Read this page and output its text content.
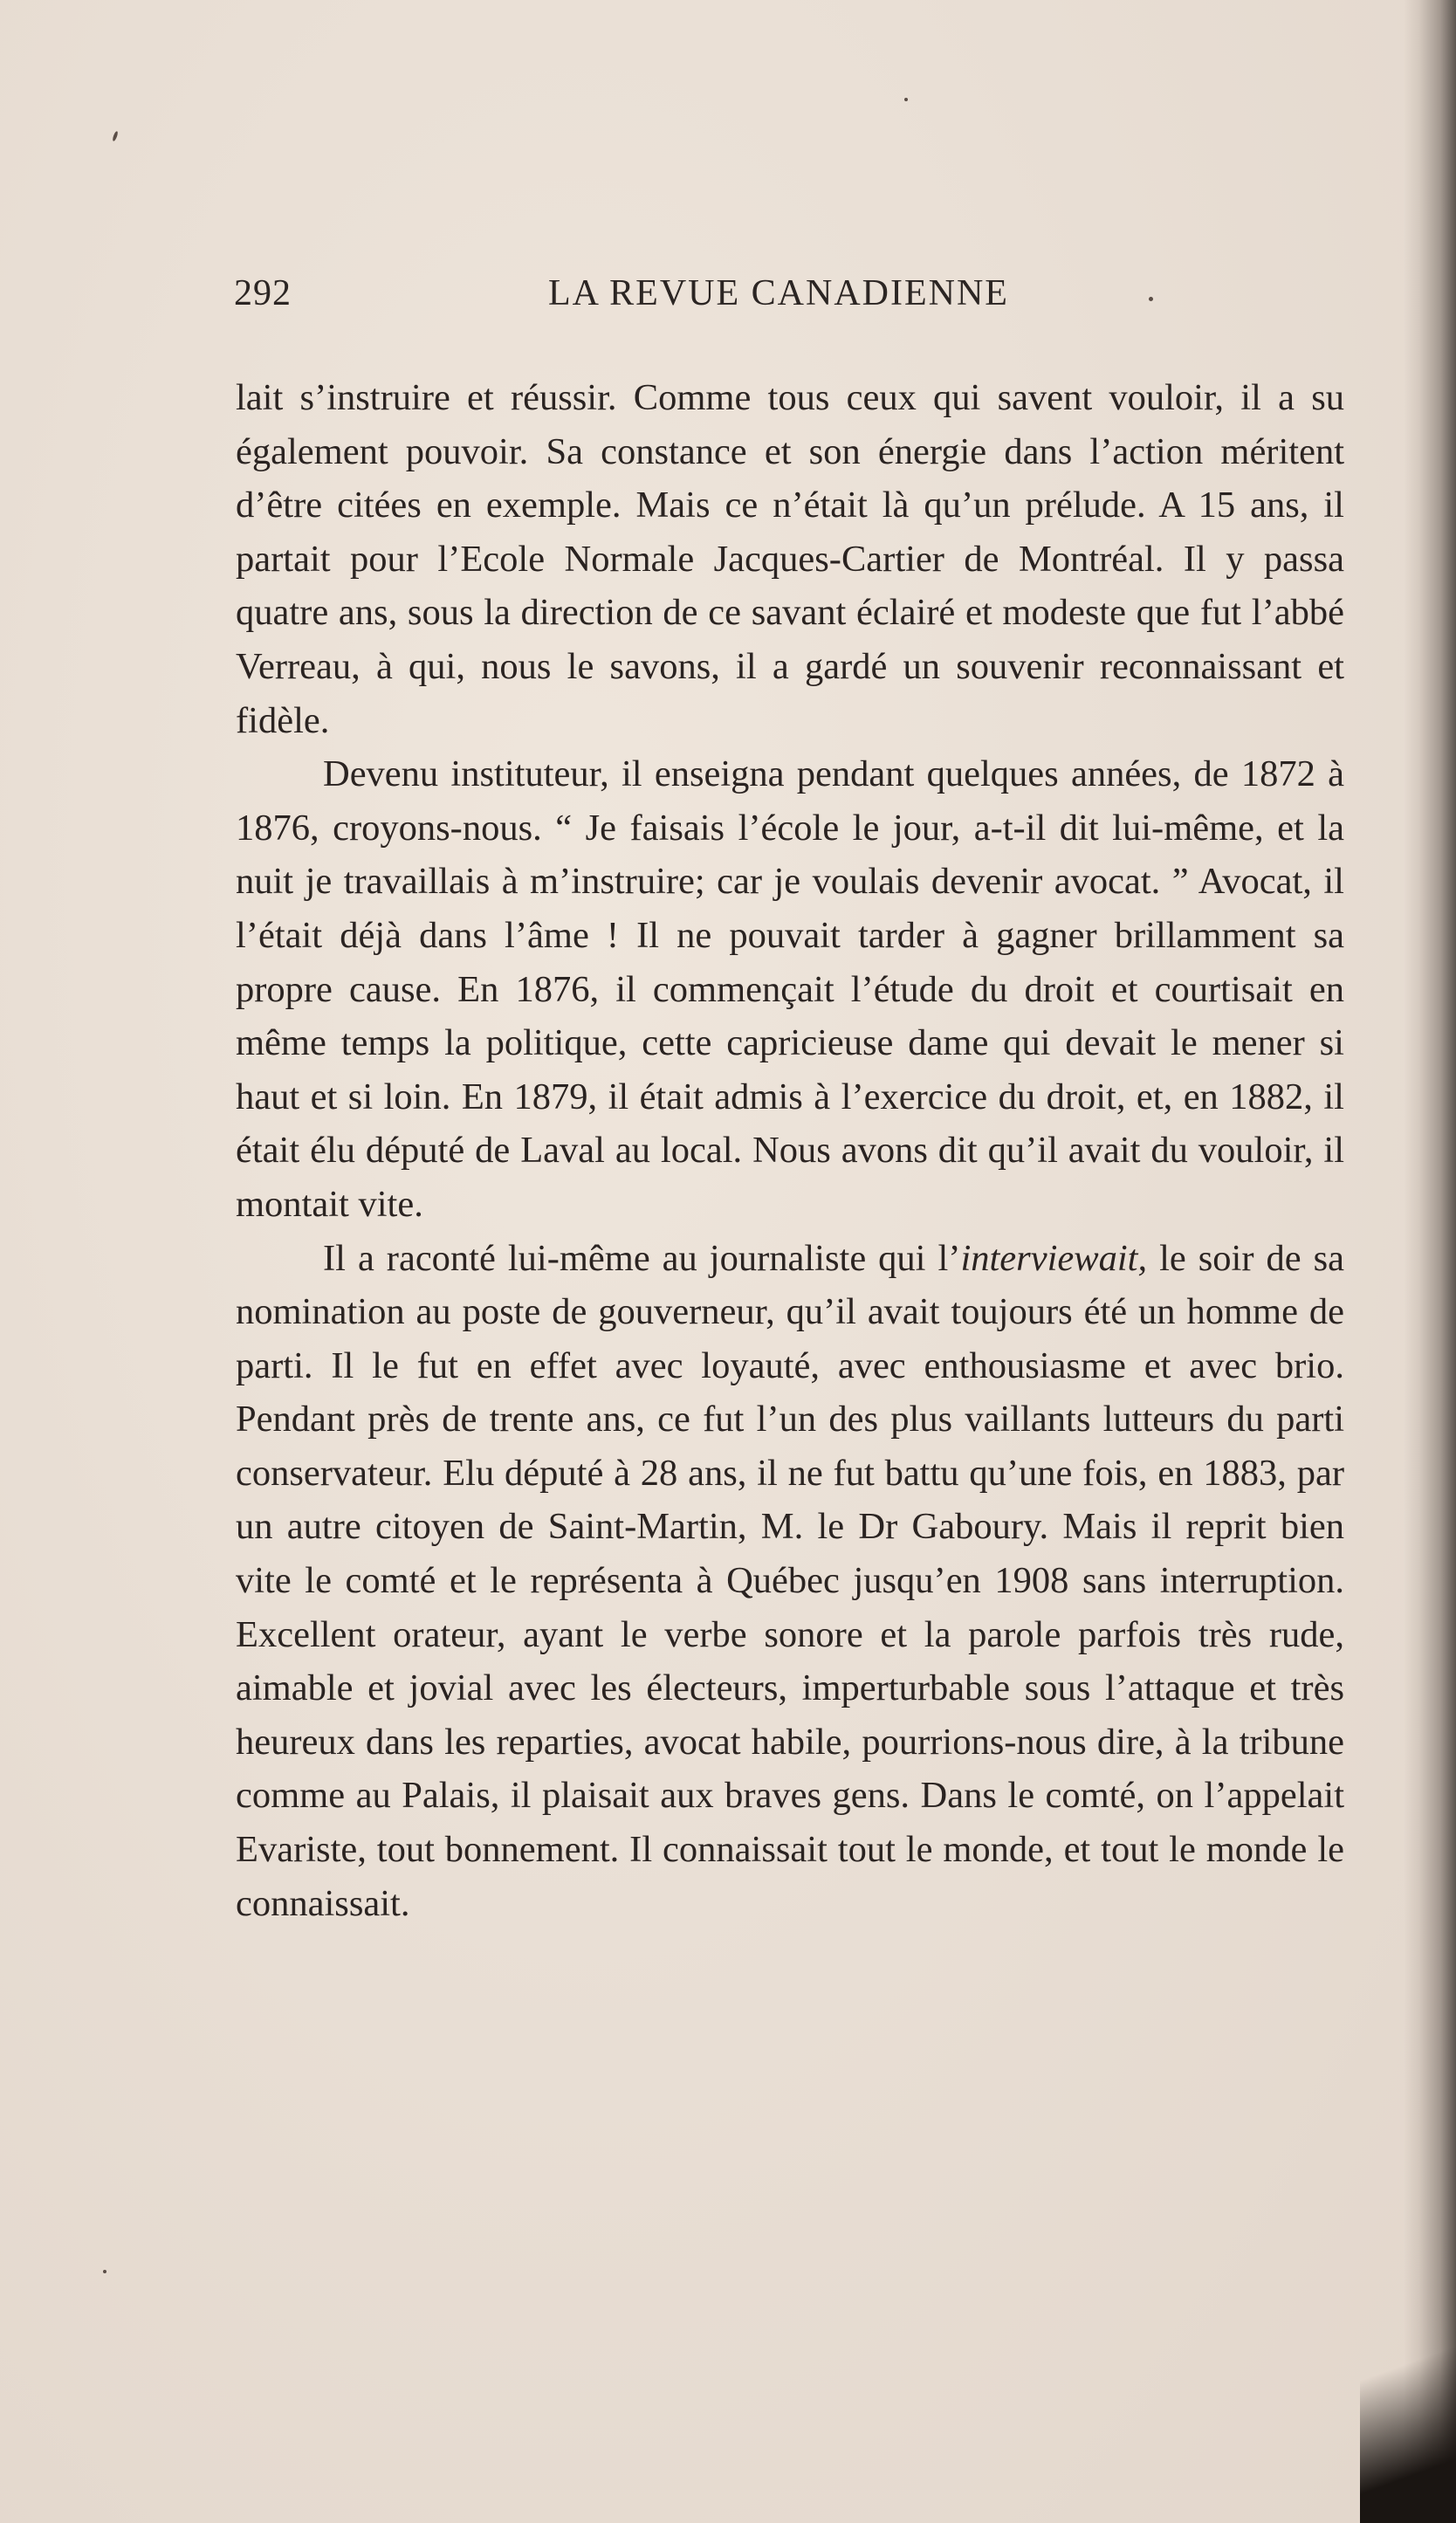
292	LA REVUE CANADIENNE

lait s’instruire et réussir. Comme tous ceux qui savent vouloir, il a su également pouvoir. Sa constance et son énergie dans l’action méritent d’être citées en exemple. Mais ce n’était là qu’un prélude. A 15 ans, il partait pour l’Ecole Normale Jacques-Cartier de Montréal. Il y passa quatre ans, sous la direction de ce savant éclairé et modeste que fut l’abbé Verreau, à qui, nous le savons, il a gardé un souvenir reconnaissant et fidèle.

Devenu instituteur, il enseigna pendant quelques années, de 1872 à 1876, croyons-nous. “ Je faisais l’école le jour, a-t-il dit lui-même, et la nuit je travaillais à m’instruire; car je voulais devenir avocat. ” Avocat, il l’était déjà dans l’âme ! Il ne pouvait tarder à gagner brillamment sa propre cause. En 1876, il commençait l’étude du droit et courtisait en même temps la politique, cette capricieuse dame qui devait le mener si haut et si loin. En 1879, il était admis à l’exercice du droit, et, en 1882, il était élu député de Laval au local. Nous avons dit qu’il avait du vouloir, il montait vite.

Il a raconté lui-même au journaliste qui l’interviewait, le soir de sa nomination au poste de gouverneur, qu’il avait toujours été un homme de parti. Il le fut en effet avec loyauté, avec enthousiasme et avec brio. Pendant près de trente ans, ce fut l’un des plus vaillants lutteurs du parti conservateur. Elu député à 28 ans, il ne fut battu qu’une fois, en 1883, par un autre citoyen de Saint-Martin, M. le Dr Gaboury. Mais il reprit bien vite le comté et le représenta à Québec jusqu’en 1908 sans interruption. Excellent orateur, ayant le verbe sonore et la parole parfois très rude, aimable et jovial avec les électeurs, imperturbable sous l’attaque et très heureux dans les reparties, avocat habile, pourrions-nous dire, à la tribune comme au Palais, il plaisait aux braves gens. Dans le comté, on l’appelait Evariste, tout bonnement. Il connaissait tout le monde, et tout le monde le connaissait.
